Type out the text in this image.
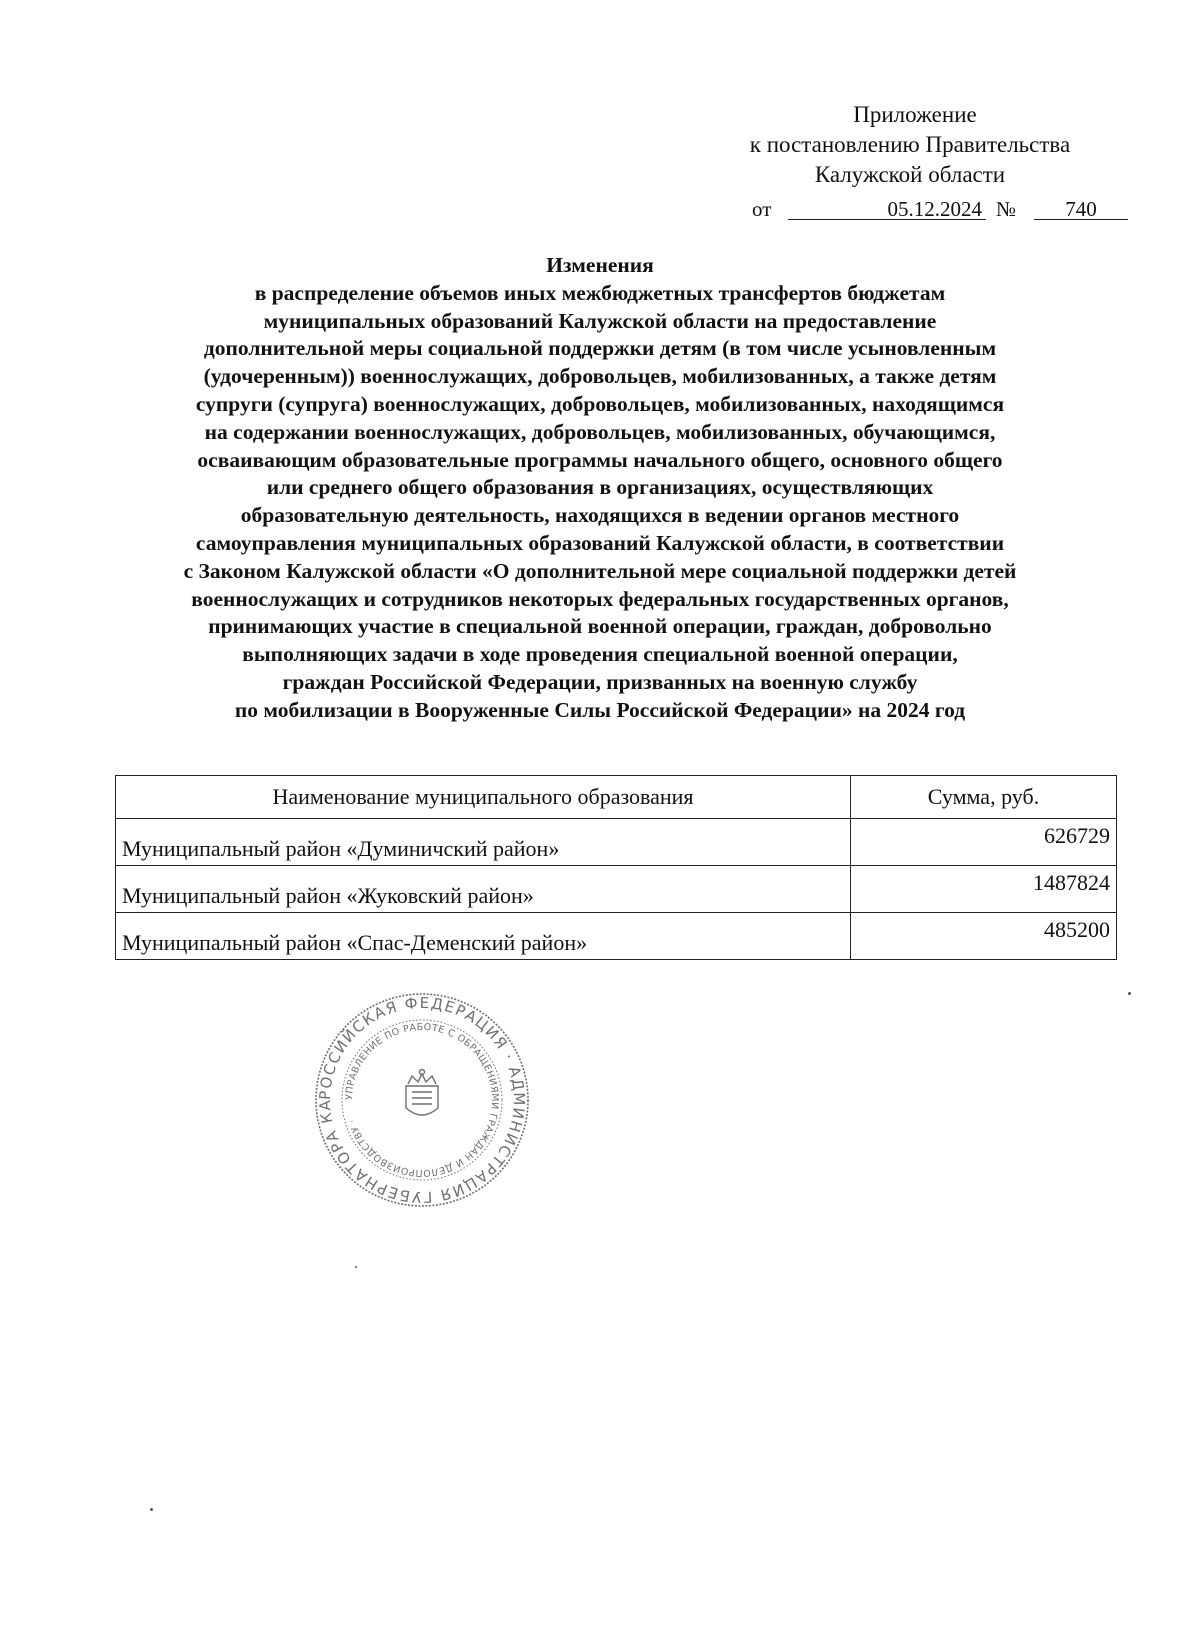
Приложение
к постановлению Правительства
Калужской области
от	05.12.2024 №	740
Изменения
в распределение объемов иных межбюджетных трансфертов бюджетам
муниципальных образований Калужской области на предоставление
дополнительной меры социальной поддержки детям (в том числе усыновленным
(удочеренным)) военнослужащих, добровольцев, мобилизованных, а также детям
супруги (супруга) военнослужащих, добровольцев, мобилизованных, находящимся
на содержании военнослужащих, добровольцев, мобилизованных, обучающимся,
осваивающим образовательные программы начального общего, основного общего
или среднего общего образования в организациях, осуществляющих
образовательную деятельность, находящихся в ведении органов местного
самоуправления муниципальных образований Калужской области, в соответствии
с Законом Калужской области «О дополнительной мере социальной поддержки детей
военнослужащих и сотрудников некоторых федеральных государственных органов,
принимающих участие в специальной военной операции, граждан, добровольно
выполняющих задачи в ходе проведения специальной военной операции,
граждан Российской Федерации, призванных на военную службу
по мобилизации в Вооруженные Силы Российской Федерации» на 2024 год
Наименование муниципального образования	Сумма, руб.
Муниципальный район «Думиничский район»	626729
Муниципальный район «Жуковский район»	1487824
Муниципальный район «Спас-Деменский район»	485200
РОССИЙСКАЯ ФЕДЕРАЦИЯ · АДМИНИСТРАЦИЯ ГУБЕРНАТОРА КА
УПРАВЛЕНИЕ ПО РАБОТЕ С ОБРАЩЕНИЯМИ ГРАЖДАН И ДЕЛОПРОИЗВОДСТВУ ·
